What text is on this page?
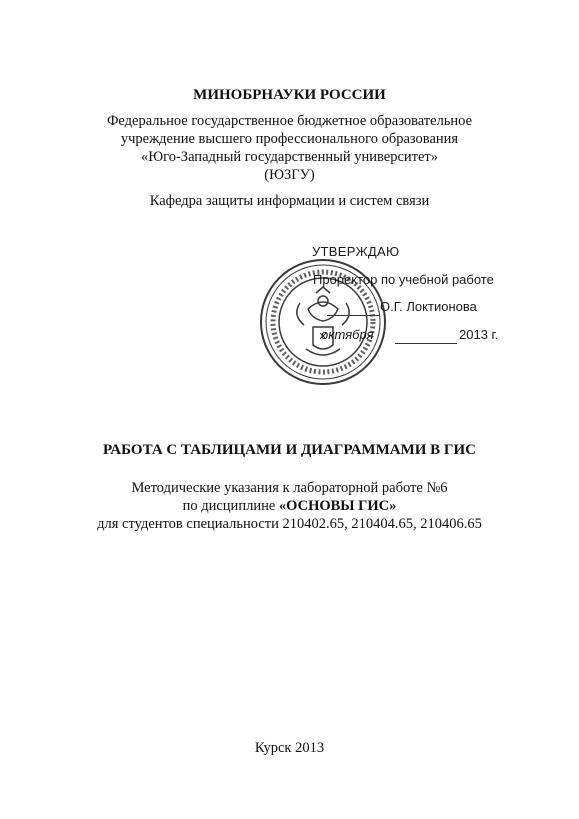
МИНОБРНАУКИ РОССИИ
Федеральное государственное бюджетное образовательное
учреждение высшего профессионального образования
«Юго-Западный государственный университет»
(ЮЗГУ)
Кафедра защиты информации и систем связи
УТВЕРЖДАЮ
Проректор по учебной работе
О.Г. Локтионова
октября	2013 г.
РАБОТА С ТАБЛИЦАМИ И ДИАГРАММАМИ В ГИС
Методические указания к лабораторной работе №6
по дисциплине «ОСНОВЫ ГИС»
для студентов специальности 210402.65, 210404.65, 210406.65
Курск 2013
